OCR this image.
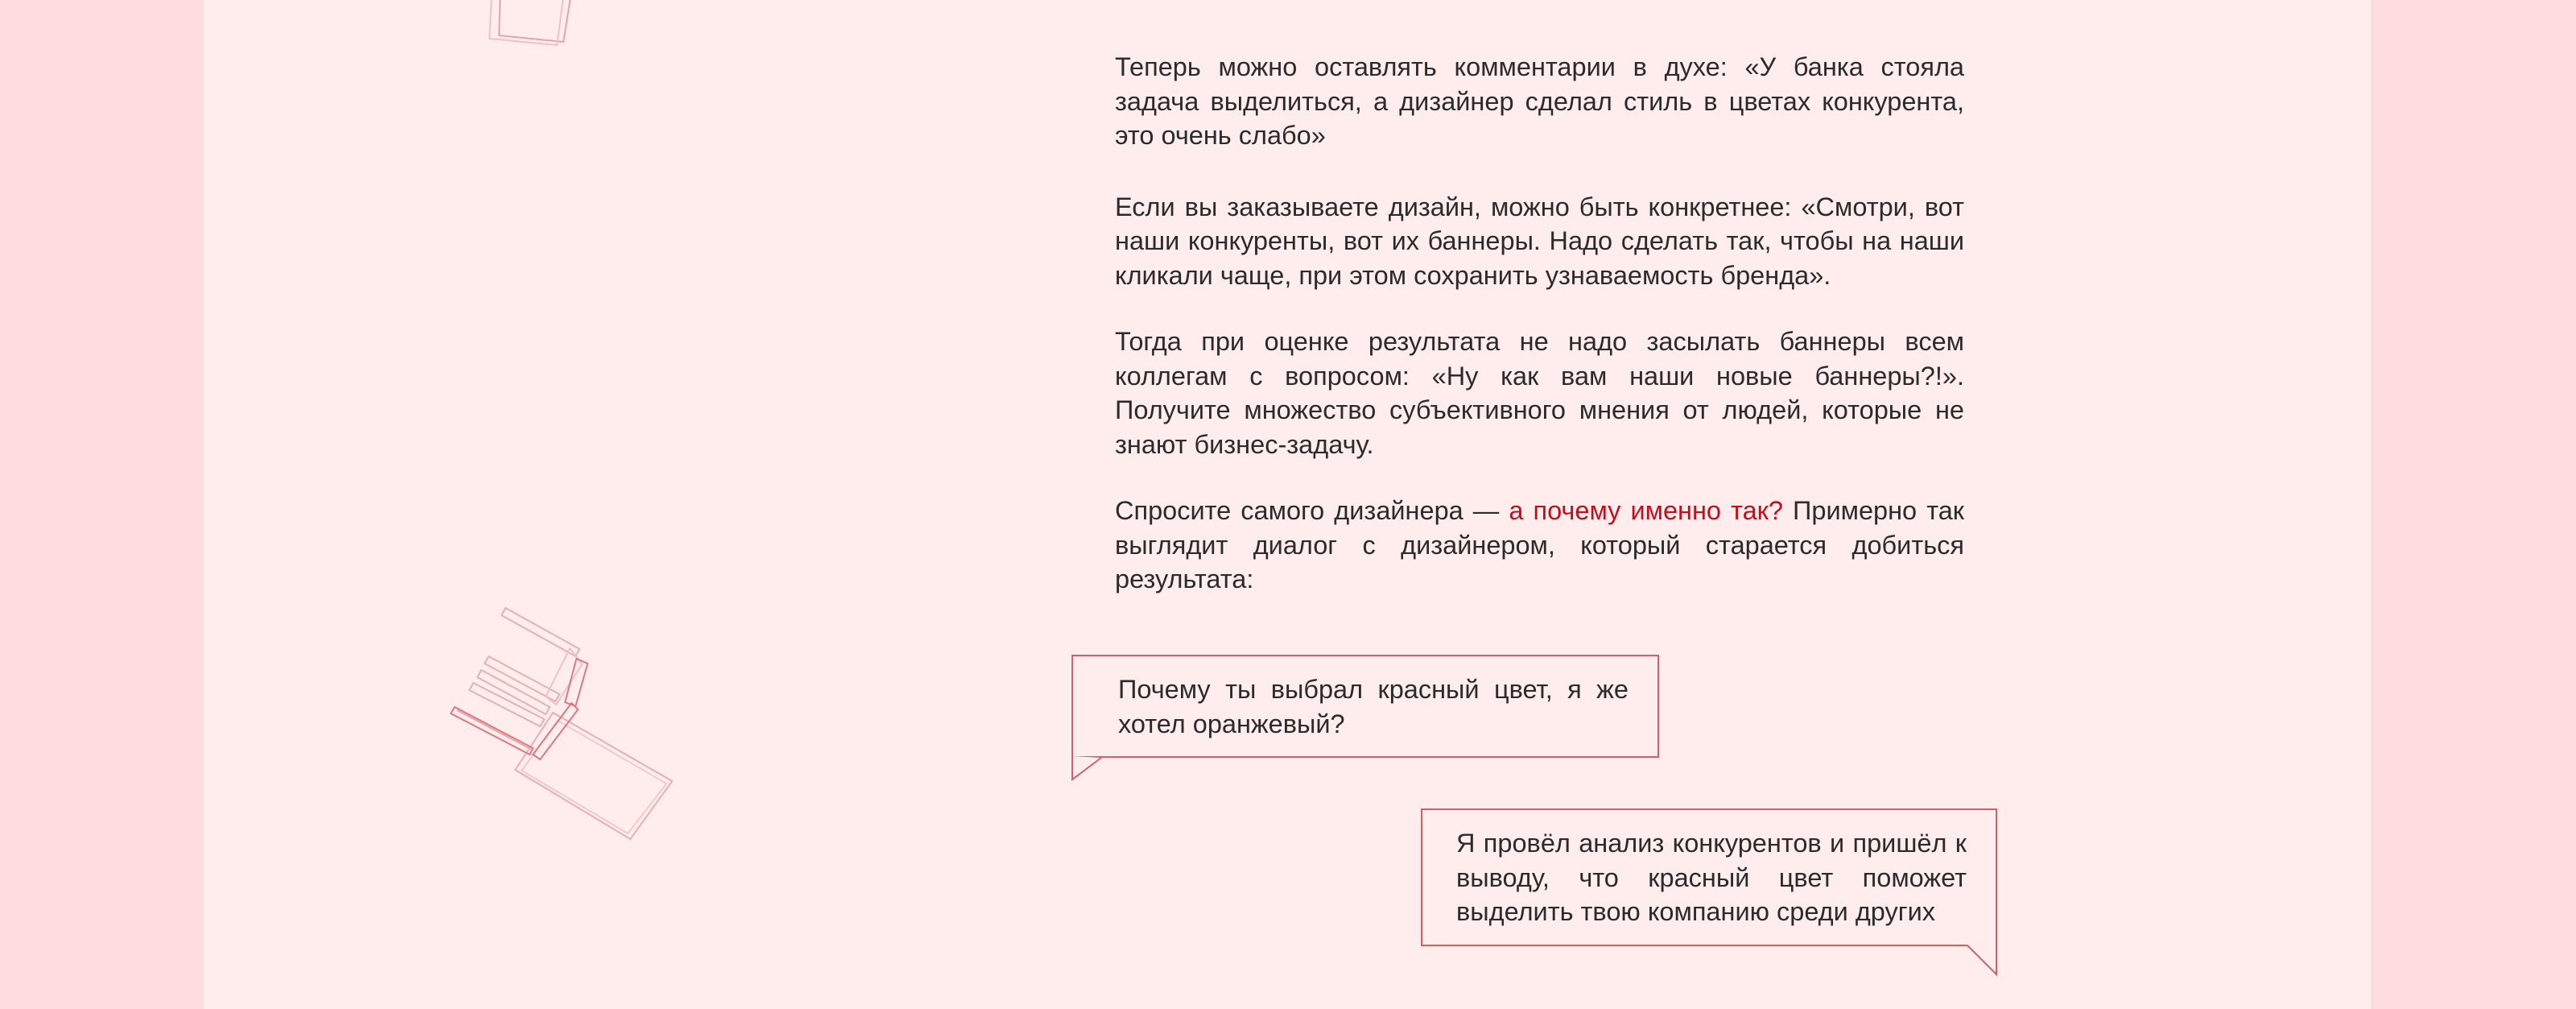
Теперь можно оставлять комментарии в духе: «У банка стояла задача выделиться, а дизайнер сделал стиль в цветах конкурента, это очень слабо»

Если вы заказываете дизайн, можно быть конкретнее: «Смотри, вот наши конкуренты, вот их баннеры. Надо сделать так, чтобы на наши кликали чаще, при этом сохранить узнаваемость бренда».

Тогда при оценке результата не надо засылать баннеры всем коллегам с вопросом: «Ну как вам наши новые баннеры?!». Получите множество субъективного мнения от людей, которые не знают бизнес-задачу.

Спросите самого дизайнера — а почему именно так? Примерно так выглядит диалог с дизайнером, который старается добиться результата:

Почему ты выбрал красный цвет, я же хотел оранжевый?

Я провёл анализ конкурентов и пришёл к выводу, что красный цвет поможет выделить твою компанию среди других
